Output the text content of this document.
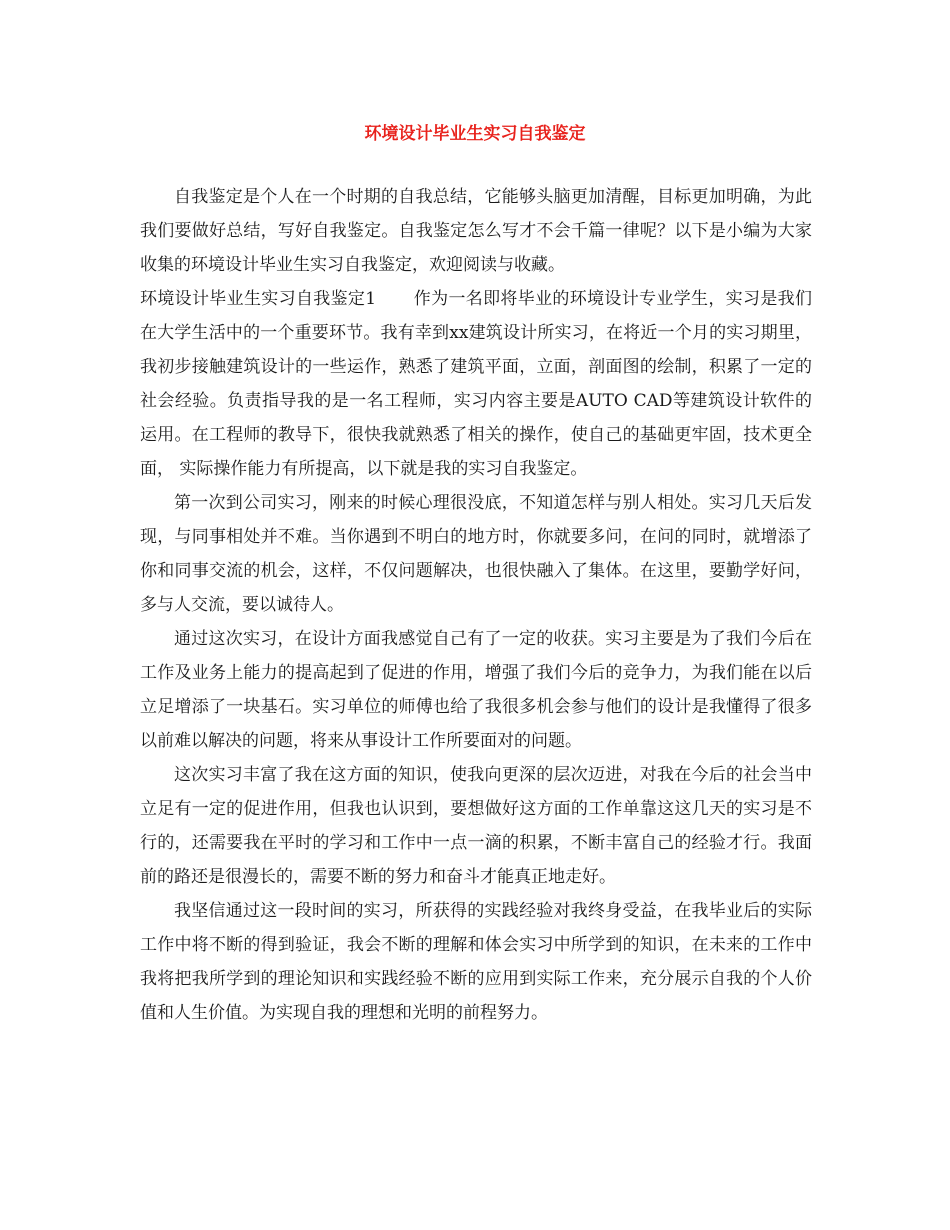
环境设计毕业生实习自我鉴定

自我鉴定是个人在一个时期的自我总结，它能够头脑更加清醒，目标更加明确，为此我们要做好总结，写好自我鉴定。自我鉴定怎么写才不会千篇一律呢？以下是小编为大家收集的环境设计毕业生实习自我鉴定，欢迎阅读与收藏。

环境设计毕业生实习自我鉴定1 作为一名即将毕业的环境设计专业学生，实习是我们在大学生活中的一个重要环节。我有幸到xx建筑设计所实习，在将近一个月的实习期里，我初步接触建筑设计的一些运作，熟悉了建筑平面，立面，剖面图的绘制，积累了一定的社会经验。负责指导我的是一名工程师，实习内容主要是AUTO CAD等建筑设计软件的运用。在工程师的教导下，很快我就熟悉了相关的操作，使自己的基础更牢固，技术更全面， 实际操作能力有所提高，以下就是我的实习自我鉴定。

第一次到公司实习，刚来的时候心理很没底，不知道怎样与别人相处。实习几天后发现，与同事相处并不难。当你遇到不明白的地方时，你就要多问，在问的同时，就增添了你和同事交流的机会，这样，不仅问题解决，也很快融入了集体。在这里，要勤学好问，多与人交流，要以诚待人。

通过这次实习，在设计方面我感觉自己有了一定的收获。实习主要是为了我们今后在工作及业务上能力的提高起到了促进的作用，增强了我们今后的竞争力，为我们能在以后立足增添了一块基石。实习单位的师傅也给了我很多机会参与他们的设计是我懂得了很多以前难以解决的问题，将来从事设计工作所要面对的问题。

这次实习丰富了我在这方面的知识，使我向更深的层次迈进，对我在今后的社会当中立足有一定的促进作用，但我也认识到，要想做好这方面的工作单靠这这几天的实习是不行的，还需要我在平时的学习和工作中一点一滴的积累，不断丰富自己的经验才行。我面前的路还是很漫长的，需要不断的努力和奋斗才能真正地走好。

我坚信通过这一段时间的实习，所获得的实践经验对我终身受益，在我毕业后的实际工作中将不断的得到验证，我会不断的理解和体会实习中所学到的知识，在未来的工作中我将把我所学到的理论知识和实践经验不断的应用到实际工作来，充分展示自我的个人价值和人生价值。为实现自我的理想和光明的前程努力。
